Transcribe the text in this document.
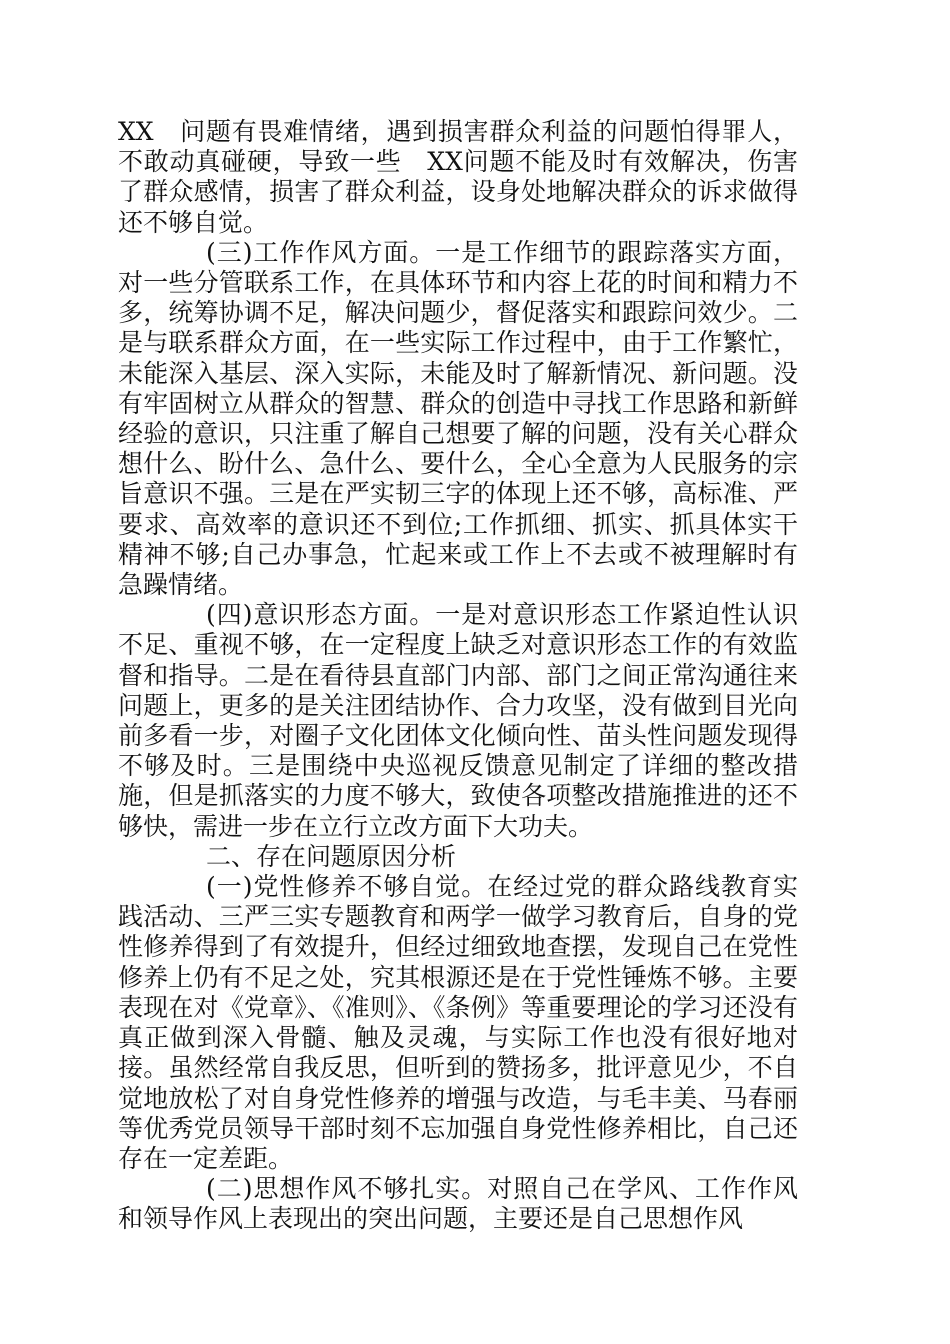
XX　问题有畏难情绪，遇到损害群众利益的问题怕得罪人，不敢动真碰硬，导致一些　XX问题不能及时有效解决，伤害了群众感情，损害了群众利益，设身处地解决群众的诉求做得还不够自觉。

(三)工作作风方面。一是工作细节的跟踪落实方面，对一些分管联系工作，在具体环节和内容上花的时间和精力不多，统筹协调不足，解决问题少，督促落实和跟踪问效少。二是与联系群众方面，在一些实际工作过程中，由于工作繁忙，未能深入基层、深入实际，未能及时了解新情况、新问题。没有牢固树立从群众的智慧、群众的创造中寻找工作思路和新鲜经验的意识，只注重了解自己想要了解的问题，没有关心群众想什么、盼什么、急什么、要什么，全心全意为人民服务的宗旨意识不强。三是在严实韧三字的体现上还不够，高标准、严要求、高效率的意识还不到位;工作抓细、抓实、抓具体实干精神不够;自己办事急，忙起来或工作上不去或不被理解时有急躁情绪。

(四)意识形态方面。一是对意识形态工作紧迫性认识不足、重视不够，在一定程度上缺乏对意识形态工作的有效监督和指导。二是在看待县直部门内部、部门之间正常沟通往来问题上，更多的是关注团结协作、合力攻坚，没有做到目光向前多看一步，对圈子文化团体文化倾向性、苗头性问题发现得不够及时。三是围绕中央巡视反馈意见制定了详细的整改措施，但是抓落实的力度不够大，致使各项整改措施推进的还不够快，需进一步在立行立改方面下大功夫。

二、存在问题原因分析

(一)党性修养不够自觉。在经过党的群众路线教育实践活动、三严三实专题教育和两学一做学习教育后，自身的党性修养得到了有效提升，但经过细致地查摆，发现自己在党性修养上仍有不足之处，究其根源还是在于党性锤炼不够。主要表现在对《党章》、《准则》、《条例》等重要理论的学习还没有真正做到深入骨髓、触及灵魂，与实际工作也没有很好地对接。虽然经常自我反思，但听到的赞扬多，批评意见少，不自觉地放松了对自身党性修养的增强与改造，与毛丰美、马春丽等优秀党员领导干部时刻不忘加强自身党性修养相比，自己还存在一定差距。

(二)思想作风不够扎实。对照自己在学风、工作作风和领导作风上表现出的突出问题，主要还是自己思想作风
